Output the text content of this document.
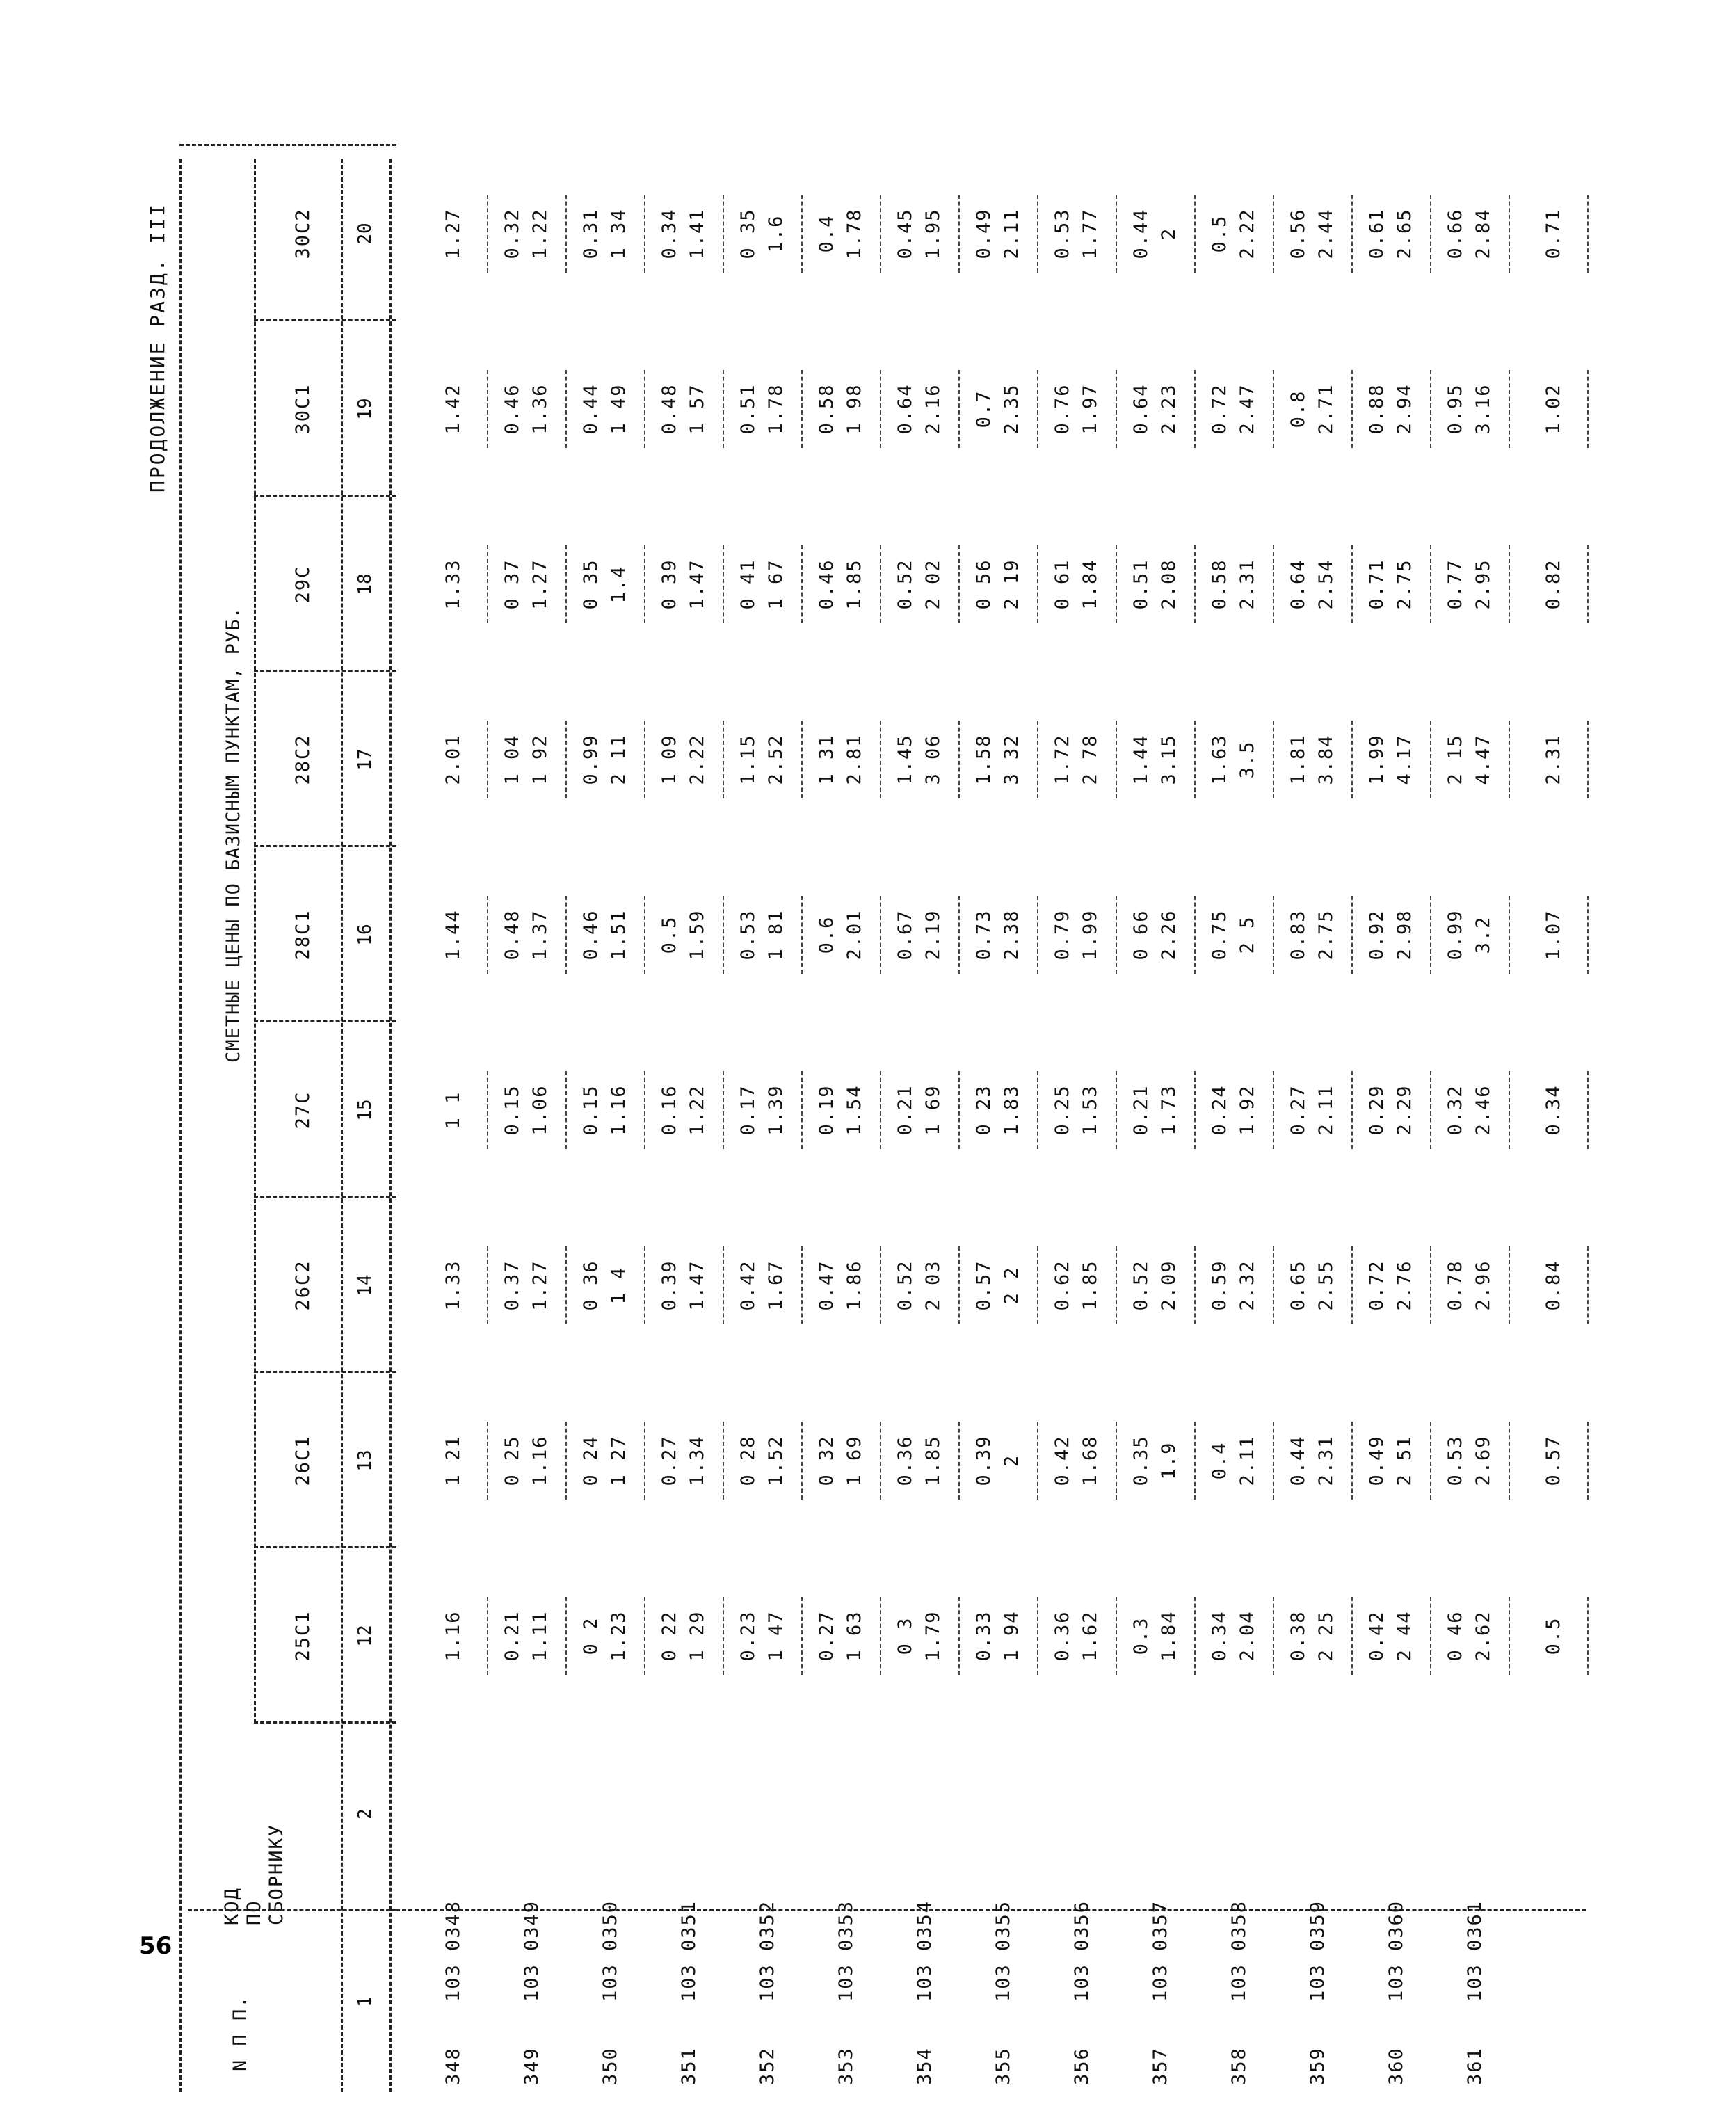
56
ПРОДОЛЖЕНИЕ РАЗД. III
СМЕТНЫЕ ЦЕНЫ ПО БАЗИСНЫМ ПУНКТАМ, РУБ.
N П П.
КОД ПО СБОРНИКУ
25С1
26С1
26С2
27С
28С1
28С2
29С
30С1
30С2
1
2
12
13
14
15
16
17
18
19
20
348
103 0348
1.16
1 21
1.33
1 1
1.44
2.01
1.33
1.42
1.27
349
103 0349
0.21 1.11
0 25 1.16
0.37 1.27
0.15 1.06
0.48 1.37
1 04 1 92
0 37 1.27
0.46 1.36
0.32 1.22
350
103 0350
0 2 1.23
0 24 1 27
0 36 1 4
0.15 1.16
0.46 1.51
0.99 2 11
0 35 1.4
0.44 1 49
0.31 1 34
351
103 0351
0 22 1 29
0.27 1.34
0.39 1.47
0.16 1.22
0.5 1.59
1 09 2.22
0 39 1.47
0.48 1 57
0.34 1.41
352
103 0352
0.23 1 47
0 28 1.52
0.42 1.67
0.17 1.39
0.53 1 81
1.15 2.52
0 41 1 67
0.51 1.78
0 35 1.6
353
103 0353
0.27 1 63
0 32 1 69
0.47 1.86
0.19 1.54
0.6 2.01
1 31 2.81
0.46 1.85
0.58 1 98
0.4 1.78
354
103 0354
0 3 1.79
0.36 1.85
0.52 2 03
0.21 1 69
0.67 2.19
1.45 3 06
0.52 2 02
0.64 2.16
0.45 1.95
355
103 0355
0.33 1 94
0.39 2
0.57 2 2
0 23 1.83
0.73 2.38
1.58 3 32
0 56 2 19
0.7 2.35
0.49 2.11
356
103 0356
0.36 1.62
0.42 1.68
0.62 1.85
0.25 1.53
0.79 1.99
1.72 2 78
0 61 1.84
0.76 1.97
0.53 1.77
357
103 0357
0.3 1.84
0.35 1.9
0.52 2.09
0.21 1.73
0 66 2.26
1.44 3.15
0.51 2.08
0.64 2.23
0.44 2
358
103 0358
0.34 2.04
0.4 2.11
0.59 2.32
0.24 1.92
0.75 2 5
1.63 3.5
0.58 2.31
0.72 2.47
0.5 2.22
359
103 0359
0.38 2 25
0.44 2.31
0.65 2.55
0.27 2.11
0.83 2.75
1.81 3.84
0.64 2.54
0.8 2.71
0.56 2.44
360
103 0360
0.42 2 44
0.49 2 51
0.72 2.76
0.29 2.29
0.92 2.98
1.99 4.17
0.71 2.75
0.88 2.94
0.61 2.65
361
103 0361
0 46 2.62
0.53 2.69
0.78 2.96
0.32 2.46
0.99 3.2
2 15 4.47
0.77 2.95
0.95 3.16
0.66 2.84
0.5
0.57
0.84
0.34
1.07
2.31
0.82
1.02
0.71
